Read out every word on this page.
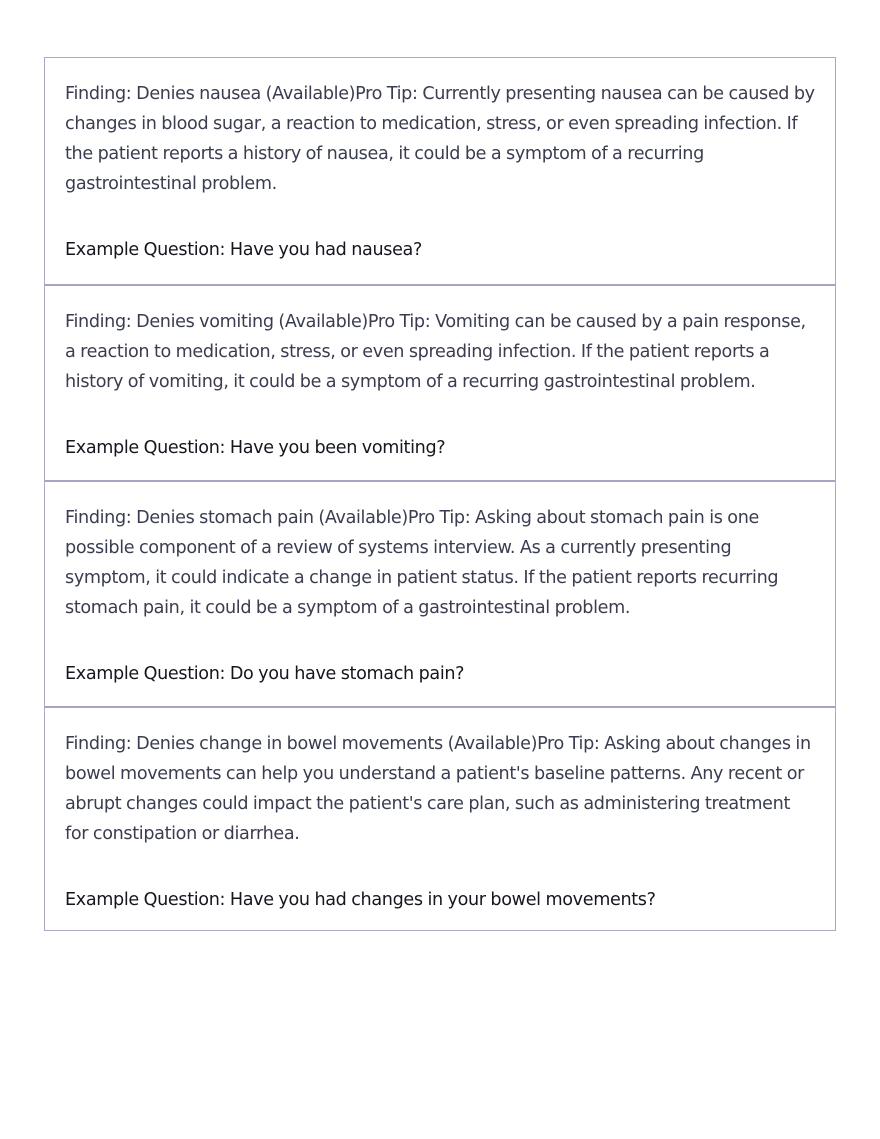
Finding: Denies nausea (Available)Pro Tip: Currently presenting nausea can be caused by changes in blood sugar, a reaction to medication, stress, or even spreading infection. If the patient reports a history of nausea, it could be a symptom of a recurring gastrointestinal problem.

Example Question: Have you had nausea?

Finding: Denies vomiting (Available)Pro Tip: Vomiting can be caused by a pain response, a reaction to medication, stress, or even spreading infection. If the patient reports a history of vomiting, it could be a symptom of a recurring gastrointestinal problem.

Example Question: Have you been vomiting?

Finding: Denies stomach pain (Available)Pro Tip: Asking about stomach pain is one possible component of a review of systems interview. As a currently presenting symptom, it could indicate a change in patient status. If the patient reports recurring stomach pain, it could be a symptom of a gastrointestinal problem.

Example Question: Do you have stomach pain?

Finding: Denies change in bowel movements (Available)Pro Tip: Asking about changes in bowel movements can help you understand a patient's baseline patterns. Any recent or abrupt changes could impact the patient's care plan, such as administering treatment for constipation or diarrhea.

Example Question: Have you had changes in your bowel movements?
